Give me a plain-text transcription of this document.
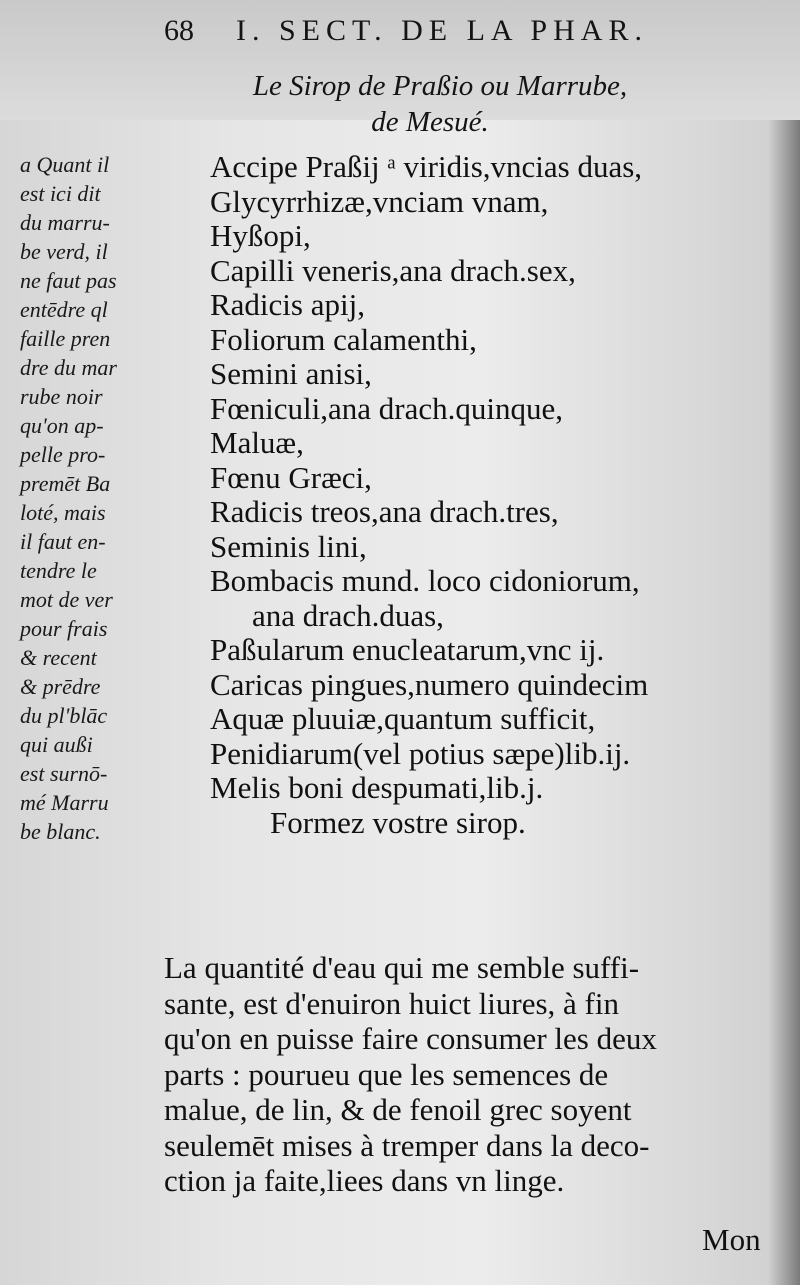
68 I. SECT. DE LA PHAR.
Le Sirop de Praßio ou Marrube,
de Mesué.
a Quant il
est ici dit
du marru-
be verd, il
ne faut pas
entēdre ql
faille pren
dre du mar
rube noir
qu'on ap-
pelle pro-
premēt Ba
loté, mais
il faut en-
tendre le
mot de ver
pour frais
& recent
& prēdre
du pl'blāc
qui außi
est surnō-
mé Marru
be blanc.
Accipe Praßij ᵃ viridis,vncias duas,
Glycyrrhizæ,vnciam vnam,
Hyßopi,
Capilli veneris,ana drach.sex,
Radicis apij,
Foliorum calamenthi,
Semini anisi,
Fœniculi,ana drach.quinque,
Maluæ,
Fœnu Græci,
Radicis treos,ana drach.tres,
Seminis lini,
Bombacis mund. loco cidoniorum,
ana drach.duas,
Paßularum enucleatarum,vnc ij.
Caricas pingues,numero quindecim
Aquæ pluuiæ,quantum sufficit,
Penidiarum(vel potius sæpe)lib.ij.
Melis boni despumati,lib.j.
Formez vostre sirop.
La quantité d'eau qui me semble suffi-
sante, est d'enuiron huict liures, à fin
qu'on en puisse faire consumer les deux
parts : pourueu que les semences de
malue, de lin, & de fenoil grec soyent
seulemēt mises à tremper dans la deco-
ction ja faite,liees dans vn linge.
Mon
